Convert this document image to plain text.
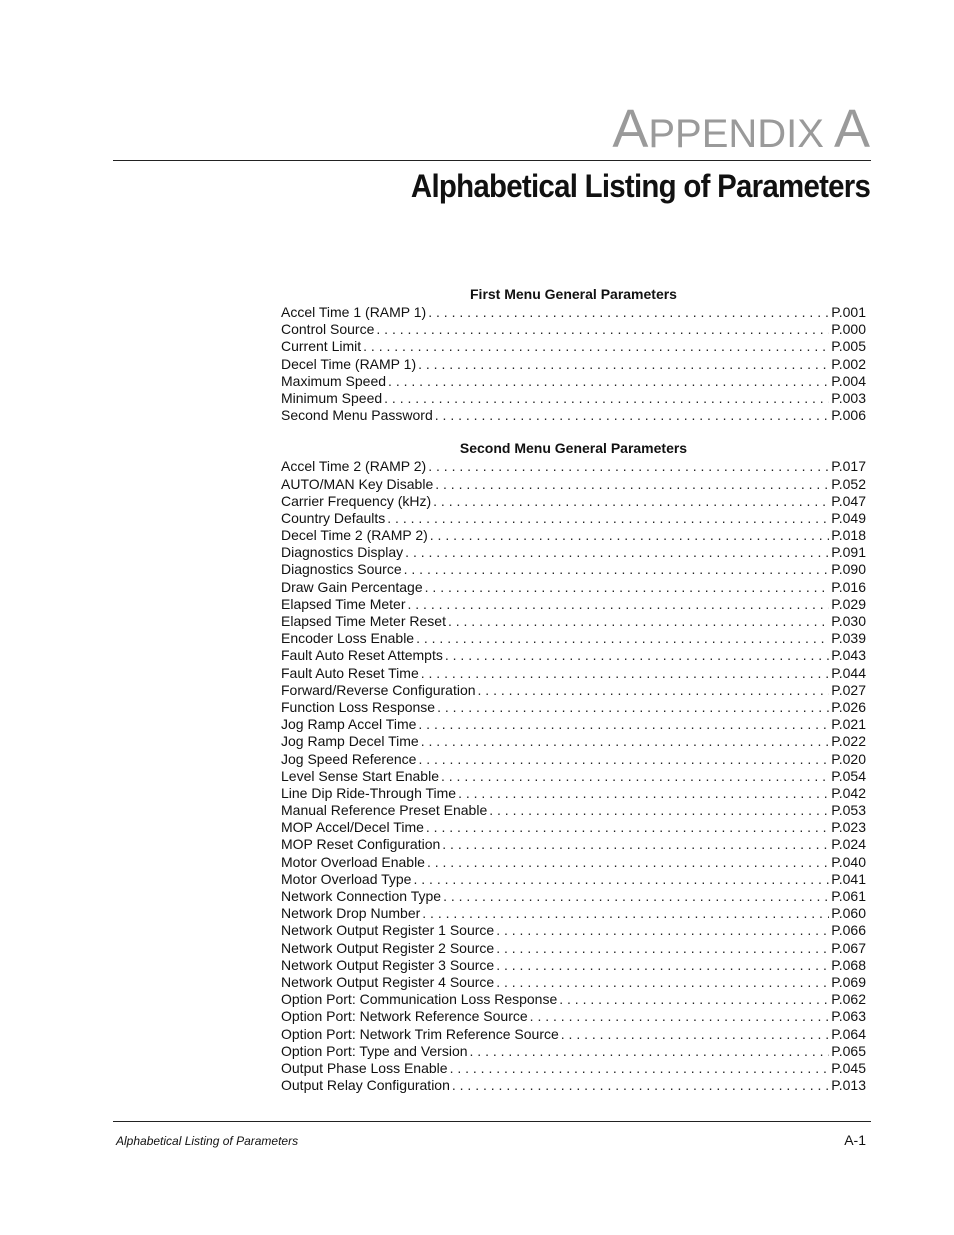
APPENDIX A
Alphabetical Listing of Parameters
First Menu General Parameters
Accel Time 1 (RAMP 1) . . .	P.001
Control Source . . .	P.000
Current Limit . . .	P.005
Decel Time (RAMP 1) . . .	P.002
Maximum Speed . . .	P.004
Minimum Speed . . .	P.003
Second Menu Password . . .	P.006
Second Menu General Parameters
Accel Time 2 (RAMP 2) . . .	P.017
AUTO/MAN Key Disable . . .	P.052
Carrier Frequency (kHz) . . .	P.047
Country Defaults . . .	P.049
Decel Time 2 (RAMP 2) . . .	P.018
Diagnostics Display . . .	P.091
Diagnostics Source . . .	P.090
Draw Gain Percentage . . .	P.016
Elapsed Time Meter . . .	P.029
Elapsed Time Meter Reset . . .	P.030
Encoder Loss Enable . . .	P.039
Fault Auto Reset Attempts . . .	P.043
Fault Auto Reset Time . . .	P.044
Forward/Reverse Configuration . . .	P.027
Function Loss Response . . .	P.026
Jog Ramp Accel Time . . .	P.021
Jog Ramp Decel Time . . .	P.022
Jog Speed Reference . . .	P.020
Level Sense Start Enable . . .	P.054
Line Dip Ride-Through Time . . .	P.042
Manual Reference Preset Enable . . .	P.053
MOP Accel/Decel Time . . .	P.023
MOP Reset Configuration . . .	P.024
Motor Overload Enable . . .	P.040
Motor Overload Type . . .	P.041
Network Connection Type . . .	P.061
Network Drop Number . . .	P.060
Network Output Register 1 Source . . .	P.066
Network Output Register 2 Source . . .	P.067
Network Output Register 3 Source . . .	P.068
Network Output Register 4 Source . . .	P.069
Option Port: Communication Loss Response . . .	P.062
Option Port: Network Reference Source . . .	P.063
Option Port: Network Trim Reference Source . . .	P.064
Option Port: Type and Version . . .	P.065
Output Phase Loss Enable . . .	P.045
Output Relay Configuration . . .	P.013
Alphabetical Listing of Parameters	A-1
